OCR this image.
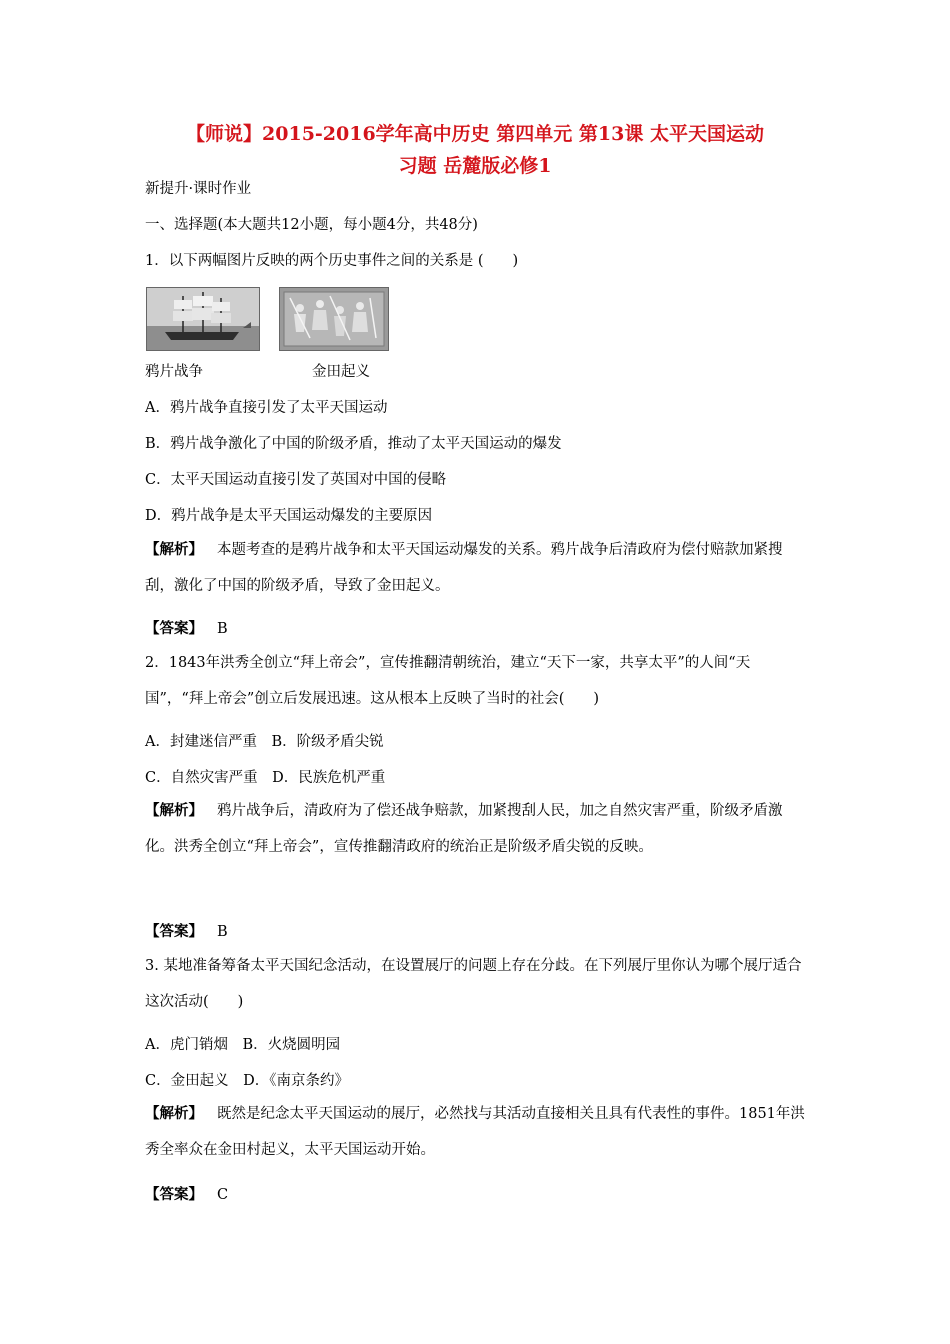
【师说】2015-2016学年高中历史 第四单元 第13课 太平天国运动
习题 岳麓版必修1
新提升·课时作业
一、选择题(本大题共12小题，每小题4分，共48分)
1．以下两幅图片反映的两个历史事件之间的关系是 (　　)
鸦片战争	金田起义
A．鸦片战争直接引发了太平天国运动
B．鸦片战争激化了中国的阶级矛盾，推动了太平天国运动的爆发
C．太平天国运动直接引发了英国对中国的侵略
D．鸦片战争是太平天国运动爆发的主要原因
【解析】 本题考查的是鸦片战争和太平天国运动爆发的关系。鸦片战争后清政府为偿付赔款加紧搜刮，激化了中国的阶级矛盾，导致了金田起义。
【答案】 B
2．1843年洪秀全创立“拜上帝会”，宣传推翻清朝统治，建立“天下一家，共享太平”的人间“天国”，“拜上帝会”创立后发展迅速。这从根本上反映了当时的社会(　　)
A．封建迷信严重　B．阶级矛盾尖锐
C．自然灾害严重　D．民族危机严重
【解析】 鸦片战争后，清政府为了偿还战争赔款，加紧搜刮人民，加之自然灾害严重，阶级矛盾激化。洪秀全创立“拜上帝会”，宣传推翻清政府的统治正是阶级矛盾尖锐的反映。
【答案】 B
3. 某地准备筹备太平天国纪念活动，在设置展厅的问题上存在分歧。在下列展厅里你认为哪个展厅适合这次活动(　　)
A．虎门销烟　B．火烧圆明园
C．金田起义　D．《南京条约》
【解析】 既然是纪念太平天国运动的展厅，必然找与其活动直接相关且具有代表性的事件。1851年洪秀全率众在金田村起义，太平天国运动开始。
【答案】 C
